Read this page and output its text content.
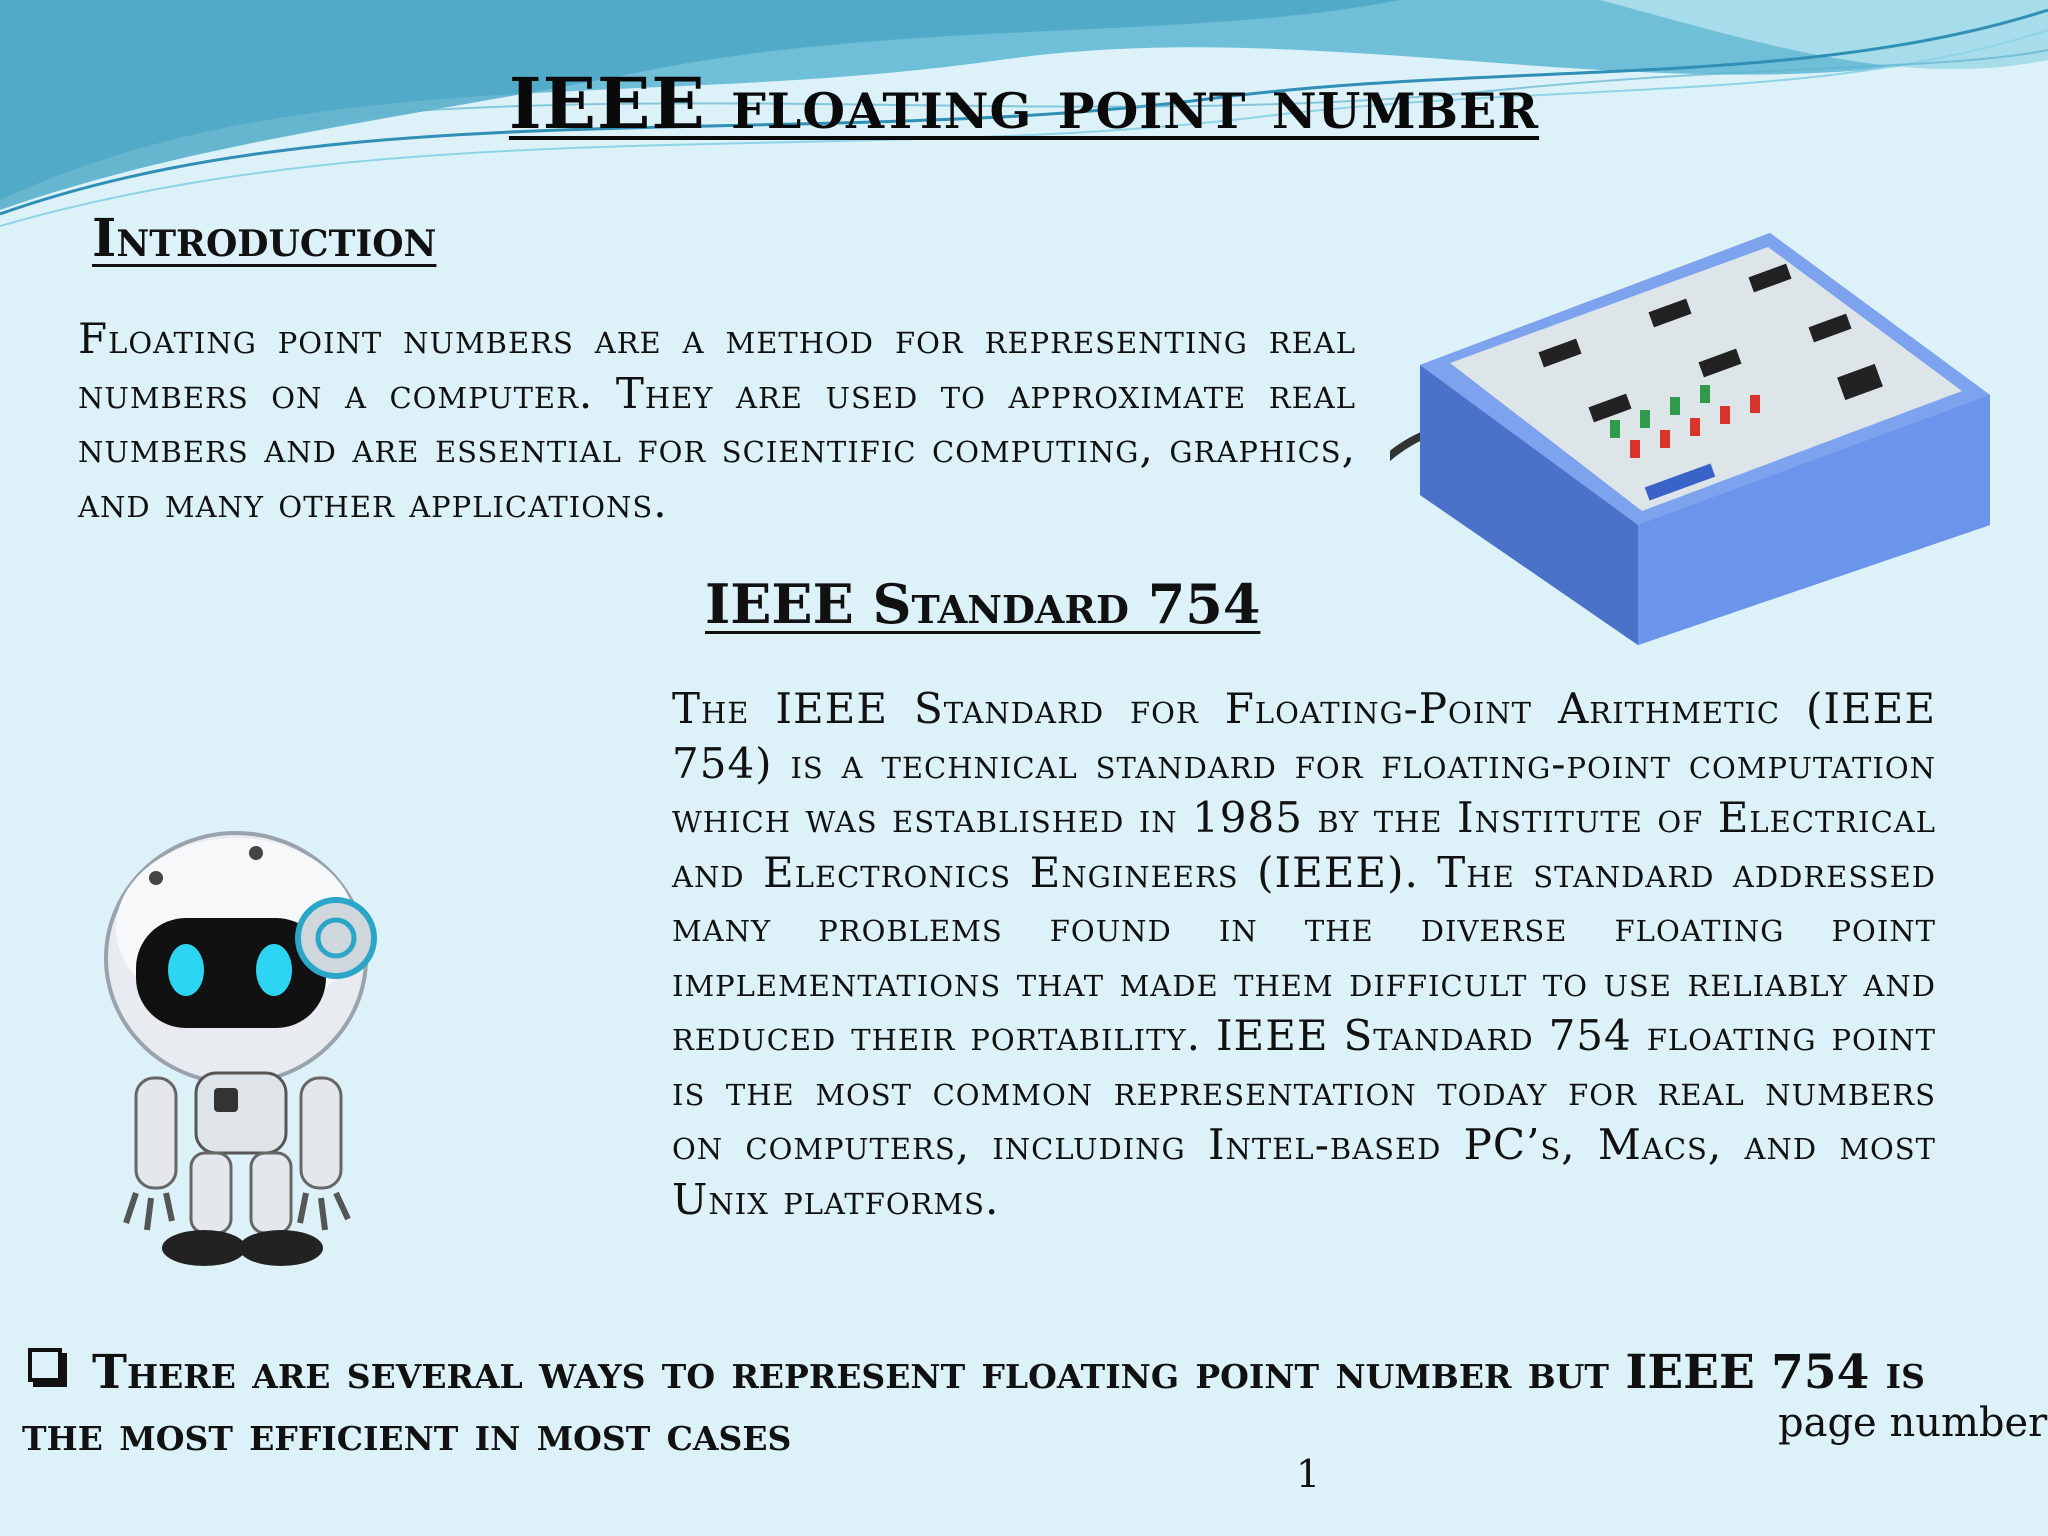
IEEE floating point number
Introduction
Floating point numbers are a method for representing real numbers on a computer. They are used to approximate real numbers and are essential for scientific computing, graphics, and many other applications.
IEEE Standard 754
The IEEE Standard for Floating-Point Arithmetic (IEEE 754) is a technical standard for floating-point computation which was established in 1985 by the Institute of Electrical and Electronics Engineers (IEEE). The standard addressed many problems found in the diverse floating point implementations that made them difficult to use reliably and reduced their portability. IEEE Standard 754 floating point is the most common representation today for real numbers on computers, including Intel-based PC’s, Macs, and most Unix platforms.
There are several ways to represent floating point number but IEEE 754 is the most efficient in most cases	page number
1
